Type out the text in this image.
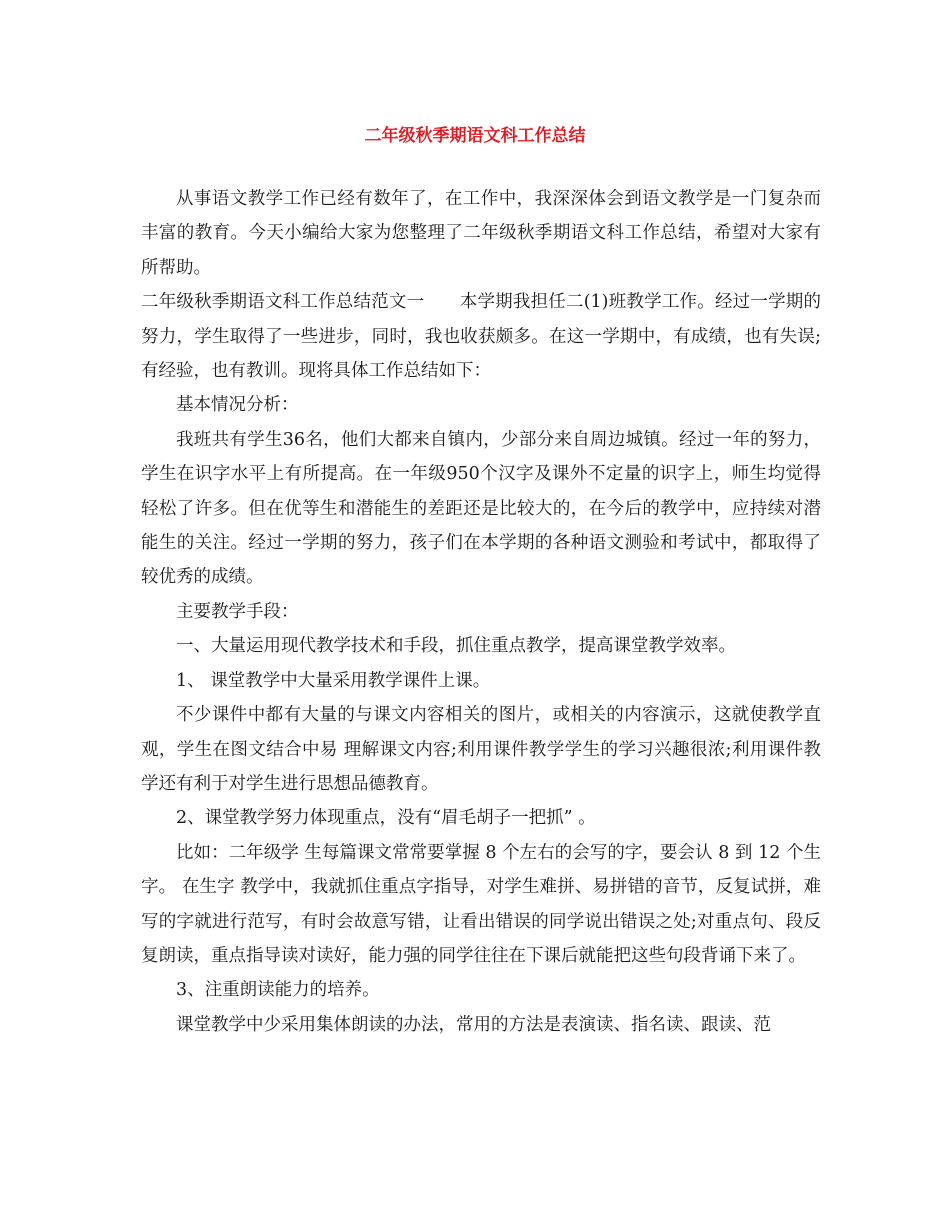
二年级秋季期语文科工作总结

从事语文教学工作已经有数年了，在工作中，我深深体会到语文教学是一门复杂而丰富的教育。今天小编给大家为您整理了二年级秋季期语文科工作总结，希望对大家有所帮助。

二年级秋季期语文科工作总结范文一　　本学期我担任二(1)班教学工作。经过一学期的努力，学生取得了一些进步，同时，我也收获颇多。在这一学期中，有成绩，也有失误;有经验，也有教训。现将具体工作总结如下：

基本情况分析：

我班共有学生36名，他们大都来自镇内，少部分来自周边城镇。经过一年的努力，学生在识字水平上有所提高。在一年级950个汉字及课外不定量的识字上，师生均觉得轻松了许多。但在优等生和潜能生的差距还是比较大的，在今后的教学中，应持续对潜能生的关注。经过一学期的努力，孩子们在本学期的各种语文测验和考试中，都取得了较优秀的成绩。

主要教学手段：

一、大量运用现代教学技术和手段，抓住重点教学，提高课堂教学效率。

1、 课堂教学中大量采用教学课件上课。

不少课件中都有大量的与课文内容相关的图片，或相关的内容演示，这就使教学直观，学生在图文结合中易 理解课文内容;利用课件教学学生的学习兴趣很浓;利用课件教学还有利于对学生进行思想品德教育。

2、课堂教学努力体现重点，没有“眉毛胡子一把抓” 。

比如：二年级学 生每篇课文常常要掌握 8 个左右的会写的字，要会认 8 到 12 个生字。 在生字 教学中，我就抓住重点字指导，对学生难拼、易拼错的音节，反复试拼，难写的字就进行范写，有时会故意写错，让看出错误的同学说出错误之处;对重点句、段反复朗读，重点指导读对读好，能力强的同学往往在下课后就能把这些句段背诵下来了。

3、注重朗读能力的培养。

课堂教学中少采用集体朗读的办法，常用的方法是表演读、指名读、跟读、范
